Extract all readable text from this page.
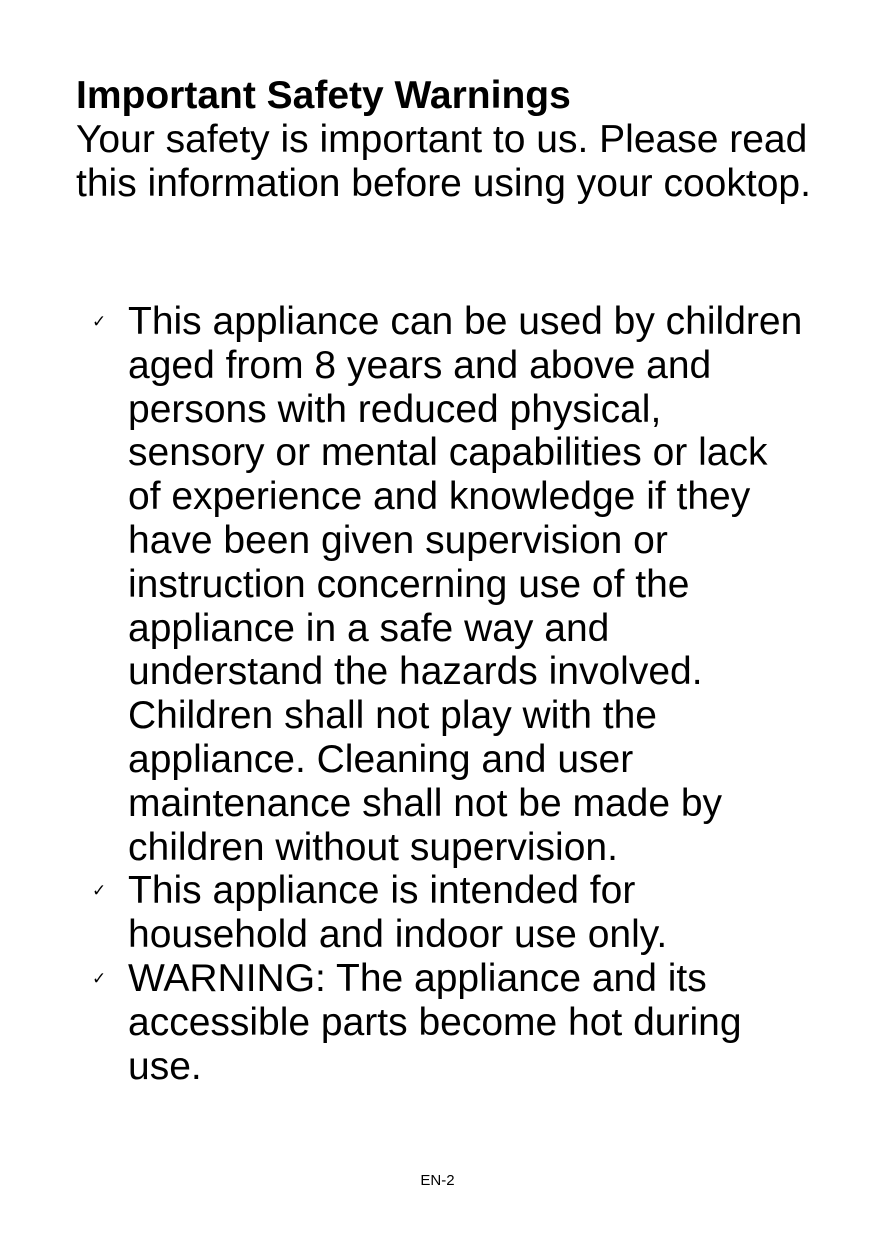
Important Safety Warnings

Your safety is important to us. Please read this information before using your cooktop.

✓ This appliance can be used by children aged from 8 years and above and persons with reduced physical, sensory or mental capabilities or lack of experience and knowledge if they have been given supervision or instruction concerning use of the appliance in a safe way and understand the hazards involved. Children shall not play with the appliance. Cleaning and user maintenance shall not be made by children without supervision.
✓ This appliance is intended for household and indoor use only.
✓ WARNING: The appliance and its accessible parts become hot during use.
EN-2
